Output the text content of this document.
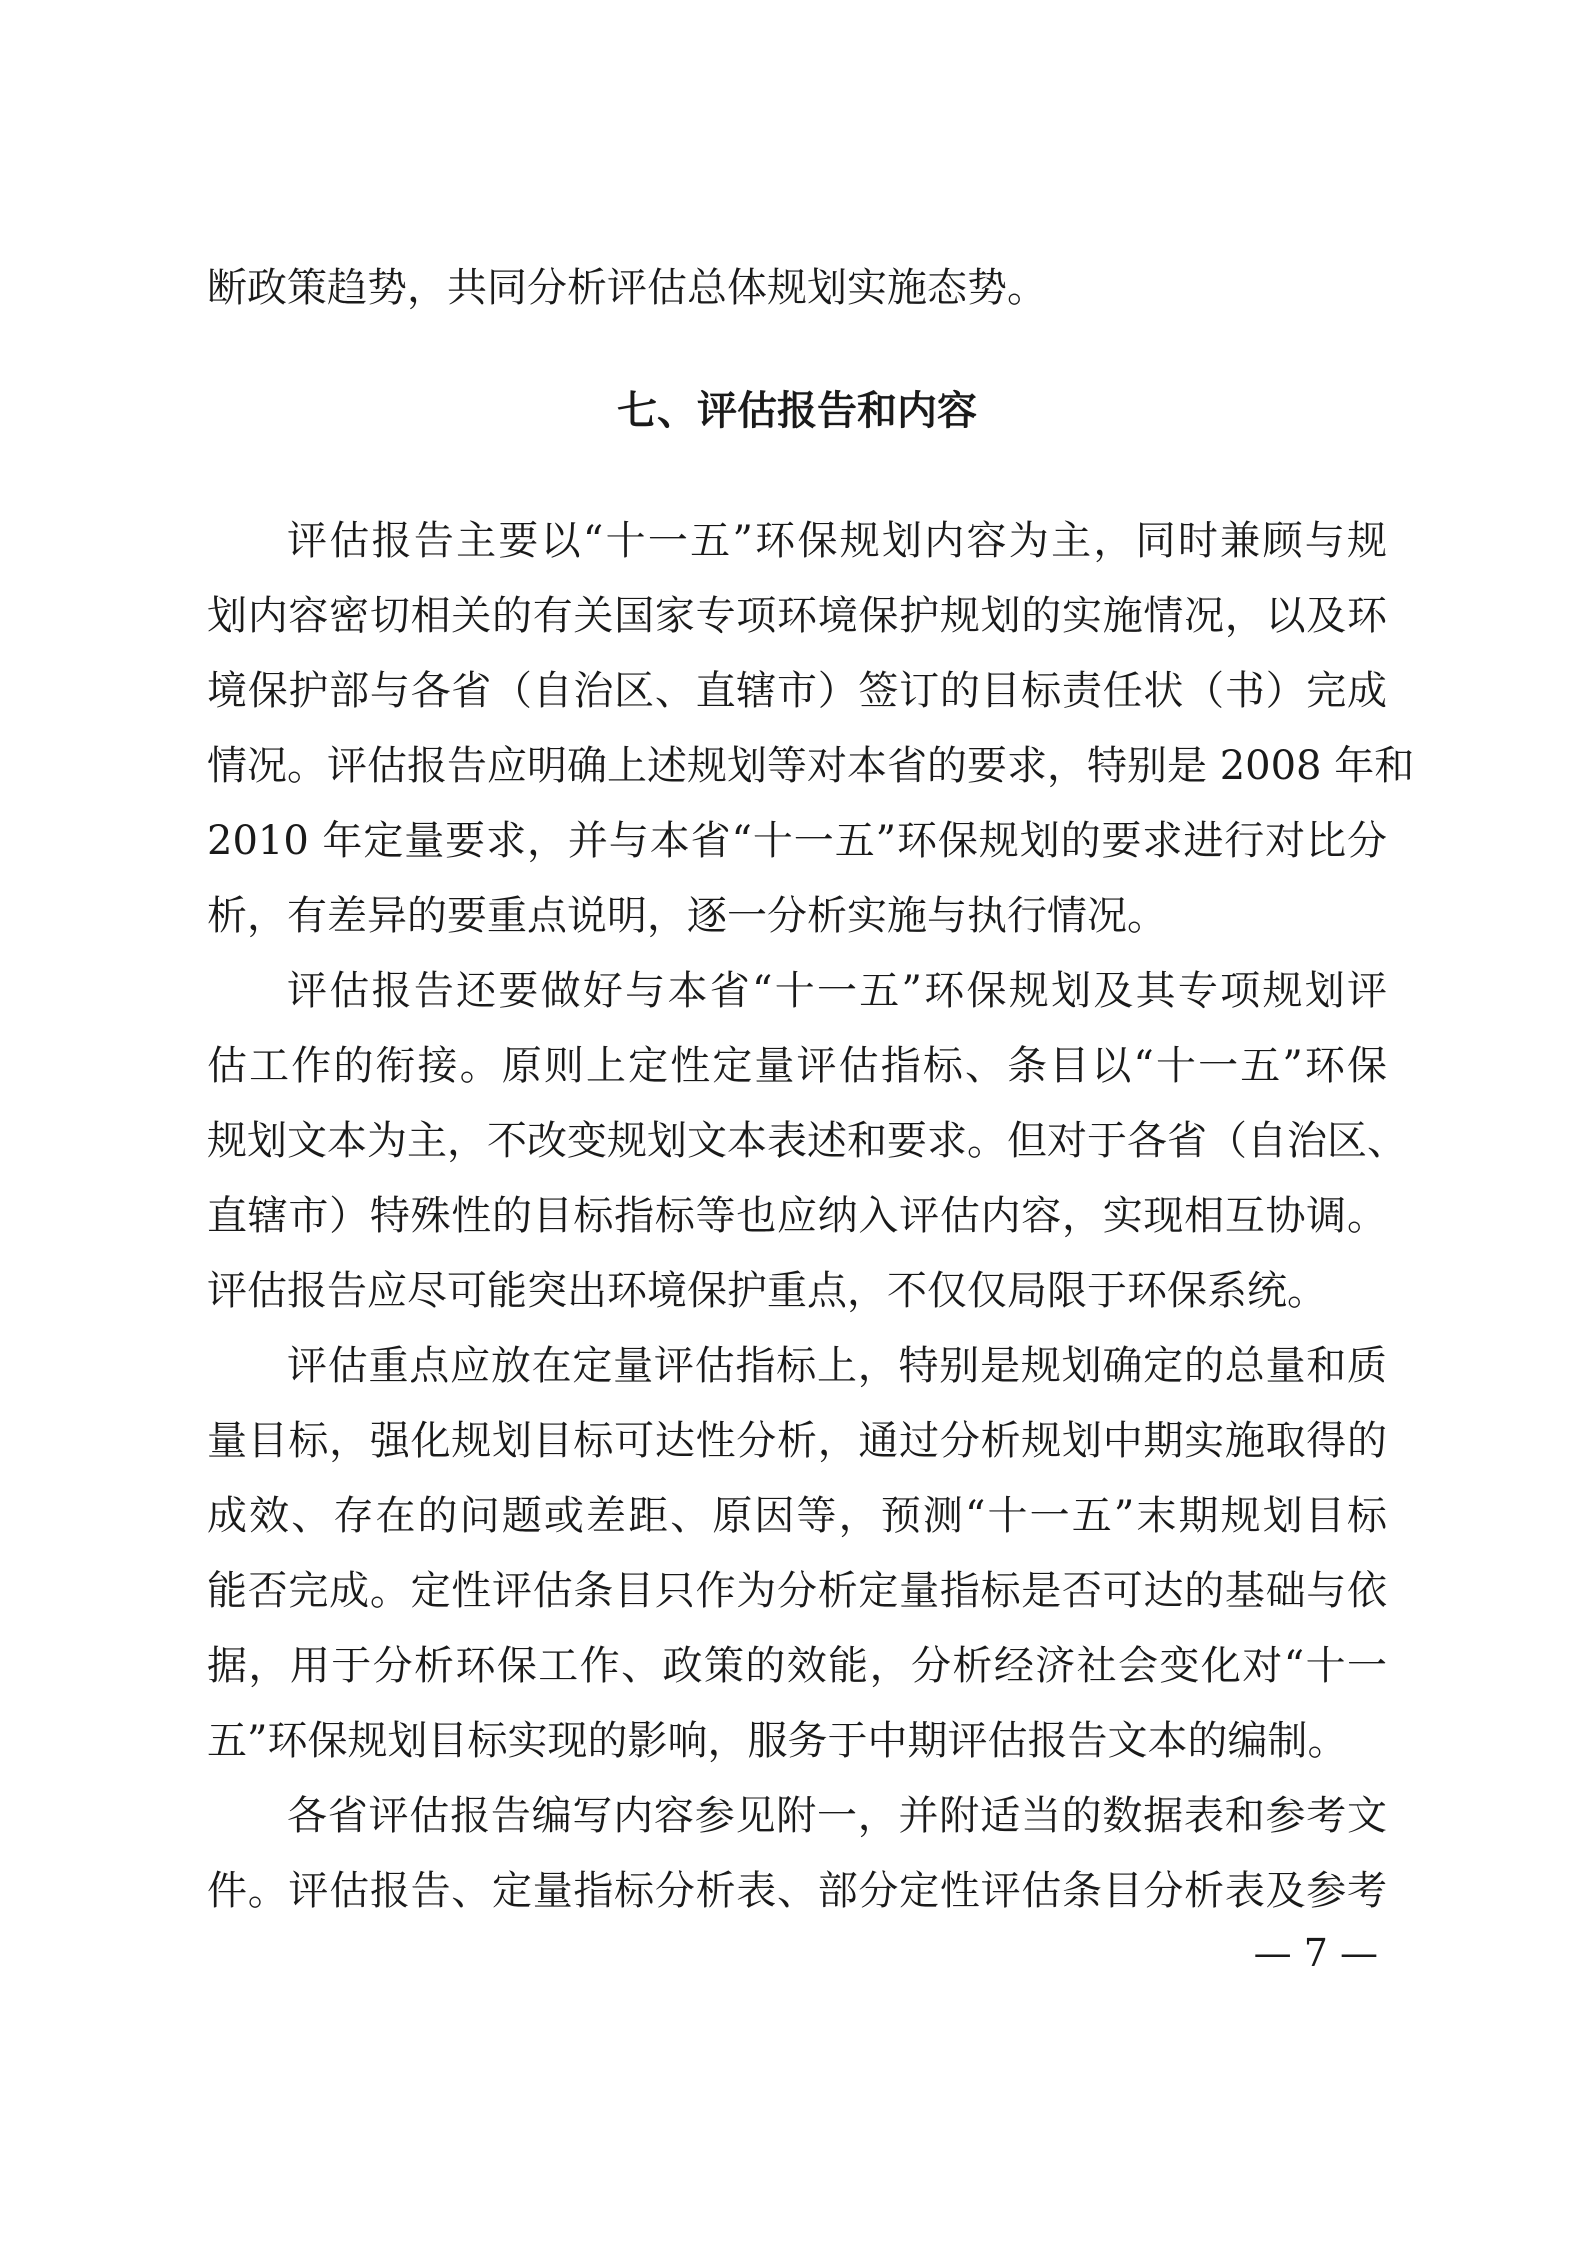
断政策趋势，共同分析评估总体规划实施态势。
七、评估报告和内容
评估报告主要以“十一五”环保规划内容为主，同时兼顾与规
划内容密切相关的有关国家专项环境保护规划的实施情况，以及环
境保护部与各省（自治区、直辖市）签订的目标责任状（书）完成
情况。评估报告应明确上述规划等对本省的要求，特别是 2008 年和
2010 年定量要求，并与本省“十一五”环保规划的要求进行对比分
析，有差异的要重点说明，逐一分析实施与执行情况。
评估报告还要做好与本省“十一五”环保规划及其专项规划评
估工作的衔接。原则上定性定量评估指标、条目以“十一五”环保
规划文本为主，不改变规划文本表述和要求。但对于各省（自治区、
直辖市）特殊性的目标指标等也应纳入评估内容，实现相互协调。
评估报告应尽可能突出环境保护重点，不仅仅局限于环保系统。
评估重点应放在定量评估指标上，特别是规划确定的总量和质
量目标，强化规划目标可达性分析，通过分析规划中期实施取得的
成效、存在的问题或差距、原因等，预测“十一五”末期规划目标
能否完成。定性评估条目只作为分析定量指标是否可达的基础与依
据，用于分析环保工作、政策的效能，分析经济社会变化对“十一
五”环保规划目标实现的影响，服务于中期评估报告文本的编制。
各省评估报告编写内容参见附一，并附适当的数据表和参考文
件。评估报告、定量指标分析表、部分定性评估条目分析表及参考
— 7 —
